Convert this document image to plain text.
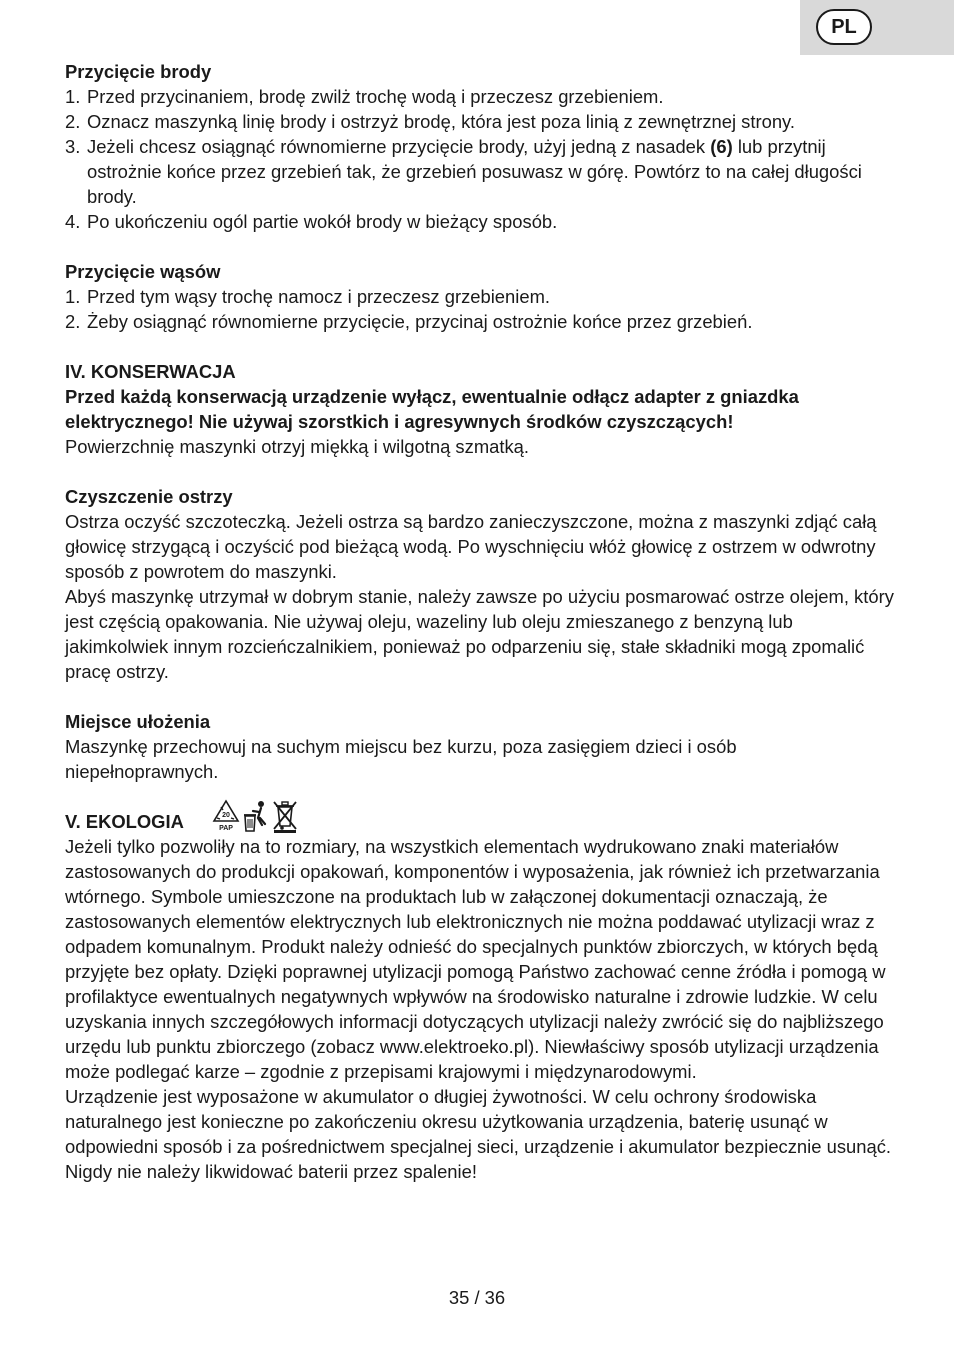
PL

Przycięcie brody

1. Przed przycinaniem, brodę zwilż trochę wodą i przeczesz grzebieniem.
2. Oznacz maszynką linię brody i ostrzyż brodę, która jest poza linią z zewnętrznej strony.
3. Jeżeli chcesz osiągnąć równomierne przycięcie brody, użyj jedną z nasadek (6) lub przytnij ostrożnie końce przez grzebień tak, że grzebień posuwasz w górę. Powtórz to na całej długości brody.
4. Po ukończeniu ogól partie wokół brody w bieżący sposób.

Przycięcie wąsów

1. Przed tym wąsy trochę namocz i przeczesz grzebieniem.
2. Żeby osiągnąć równomierne przycięcie, przycinaj ostrożnie końce przez grzebień.

IV. KONSERWACJA

Przed każdą konserwacją urządzenie wyłącz, ewentualnie odłącz adapter z gniazdka elektrycznego! Nie używaj szorstkich i agresywnych środków czyszczących!

Powierzchnię maszynki otrzyj miękką i wilgotną szmatką.

Czyszczenie ostrzy

Ostrza oczyść szczoteczką. Jeżeli ostrza są bardzo zanieczyszczone, można z maszynki zdjąć całą głowicę strzygącą i oczyścić pod bieżącą wodą. Po wyschnięciu włóż głowicę z ostrzem w odwrotny sposób z powrotem do maszynki.

Abyś maszynkę utrzymał w dobrym stanie, należy zawsze po użyciu posmarować ostrze olejem, który jest częścią opakowania. Nie używaj oleju, wazeliny lub oleju zmieszanego z benzyną lub jakimkolwiek innym rozcieńczalnikiem, ponieważ po odparzeniu się, stałe składniki mogą zpomalić pracę ostrzy.

Miejsce ułożenia

Maszynkę przechowuj na suchym miejscu bez kurzu, poza zasięgiem dzieci i osób niepełnoprawnych.

V. EKOLOGIA	20
PAP

Jeżeli tylko pozwoliły na to rozmiary, na wszystkich elementach wydrukowano znaki materiałów zastosowanych do produkcji opakowań, komponentów i wyposażenia, jak również ich przetwarzania wtórnego. Symbole umieszczone na produktach lub w załączonej dokumentacji oznaczają, że zastosowanych elementów elektrycznych lub elektronicznych nie można poddawać utylizacji wraz z odpadem komunalnym. Produkt należy odnieść do specjalnych punktów zbiorczych, w których będą przyjęte bez opłaty. Dzięki poprawnej utylizacji pomogą Państwo zachować cenne źródła i pomogą w profilaktyce ewentualnych negatywnych wpływów na środowisko naturalne i zdrowie ludzkie. W celu uzyskania innych szczegółowych informacji dotyczących utylizacji należy zwrócić się do najbliższego urzędu lub punktu zbiorczego (zobacz www.elektroeko.pl). Niewłaściwy sposób utylizacji urządzenia może podlegać karze – zgodnie z przepisami krajowymi i międzynarodowymi.

Urządzenie jest wyposażone w akumulator o długiej żywotności. W celu ochrony środowiska naturalnego jest konieczne po zakończeniu okresu użytkowania urządzenia, baterię usunąć w odpowiedni sposób i za pośrednictwem specjalnej sieci, urządzenie i akumulator bezpiecznie usunąć. Nigdy nie należy likwidować baterii przez spalenie!

35 / 36
